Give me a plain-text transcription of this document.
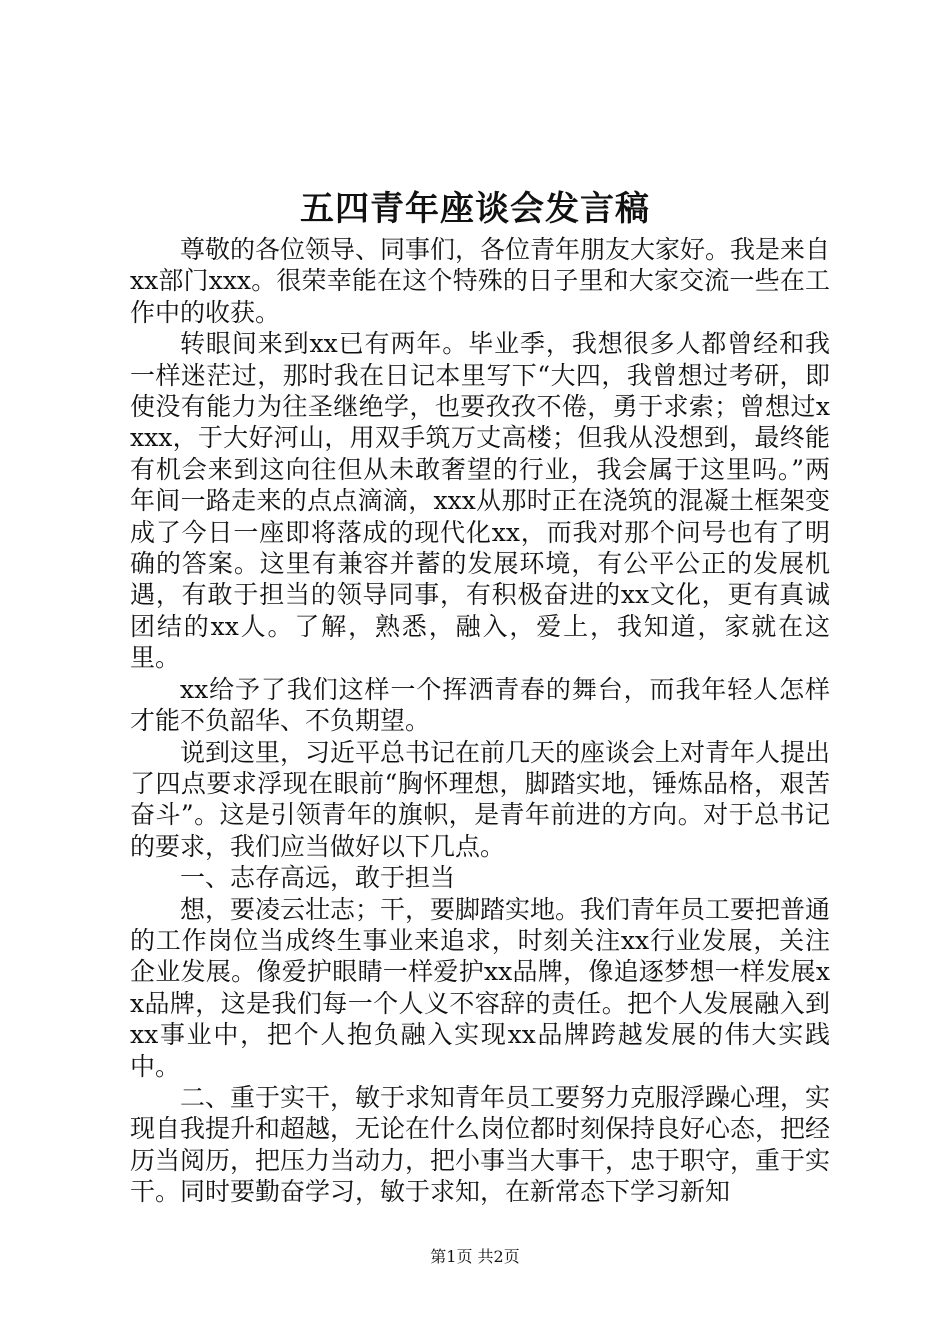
五四青年座谈会发言稿

尊敬的各位领导、同事们，各位青年朋友大家好。我是来自xx部门xxx。很荣幸能在这个特殊的日子里和大家交流一些在工作中的收获。

转眼间来到xx已有两年。毕业季，我想很多人都曾经和我一样迷茫过，那时我在日记本里写下“大四，我曾想过考研，即使没有能力为往圣继绝学，也要孜孜不倦，勇于求索；曾想过xxxx，于大好河山，用双手筑万丈高楼；但我从没想到，最终能有机会来到这向往但从未敢奢望的行业，我会属于这里吗。”两年间一路走来的点点滴滴，xxx从那时正在浇筑的混凝土框架变成了今日一座即将落成的现代化xx，而我对那个问号也有了明确的答案。这里有兼容并蓄的发展环境，有公平公正的发展机遇，有敢于担当的领导同事，有积极奋进的xx文化，更有真诚团结的xx人。了解，熟悉，融入，爱上，我知道，家就在这里。

xx给予了我们这样一个挥洒青春的舞台，而我年轻人怎样才能不负韶华、不负期望。

说到这里，习近平总书记在前几天的座谈会上对青年人提出了四点要求浮现在眼前“胸怀理想，脚踏实地，锤炼品格，艰苦奋斗”。这是引领青年的旗帜，是青年前进的方向。对于总书记的要求，我们应当做好以下几点。

一、志存高远，敢于担当

想，要凌云壮志；干，要脚踏实地。我们青年员工要把普通的工作岗位当成终生事业来追求，时刻关注xx行业发展，关注企业发展。像爱护眼睛一样爱护xx品牌，像追逐梦想一样发展xx品牌，这是我们每一个人义不容辞的责任。把个人发展融入到xx事业中，把个人抱负融入实现xx品牌跨越发展的伟大实践中。

二、重于实干，敏于求知青年员工要努力克服浮躁心理，实现自我提升和超越，无论在什么岗位都时刻保持良好心态，把经历当阅历，把压力当动力，把小事当大事干，忠于职守，重于实干。同时要勤奋学习，敏于求知，在新常态下学习新知

第1页 共2页
